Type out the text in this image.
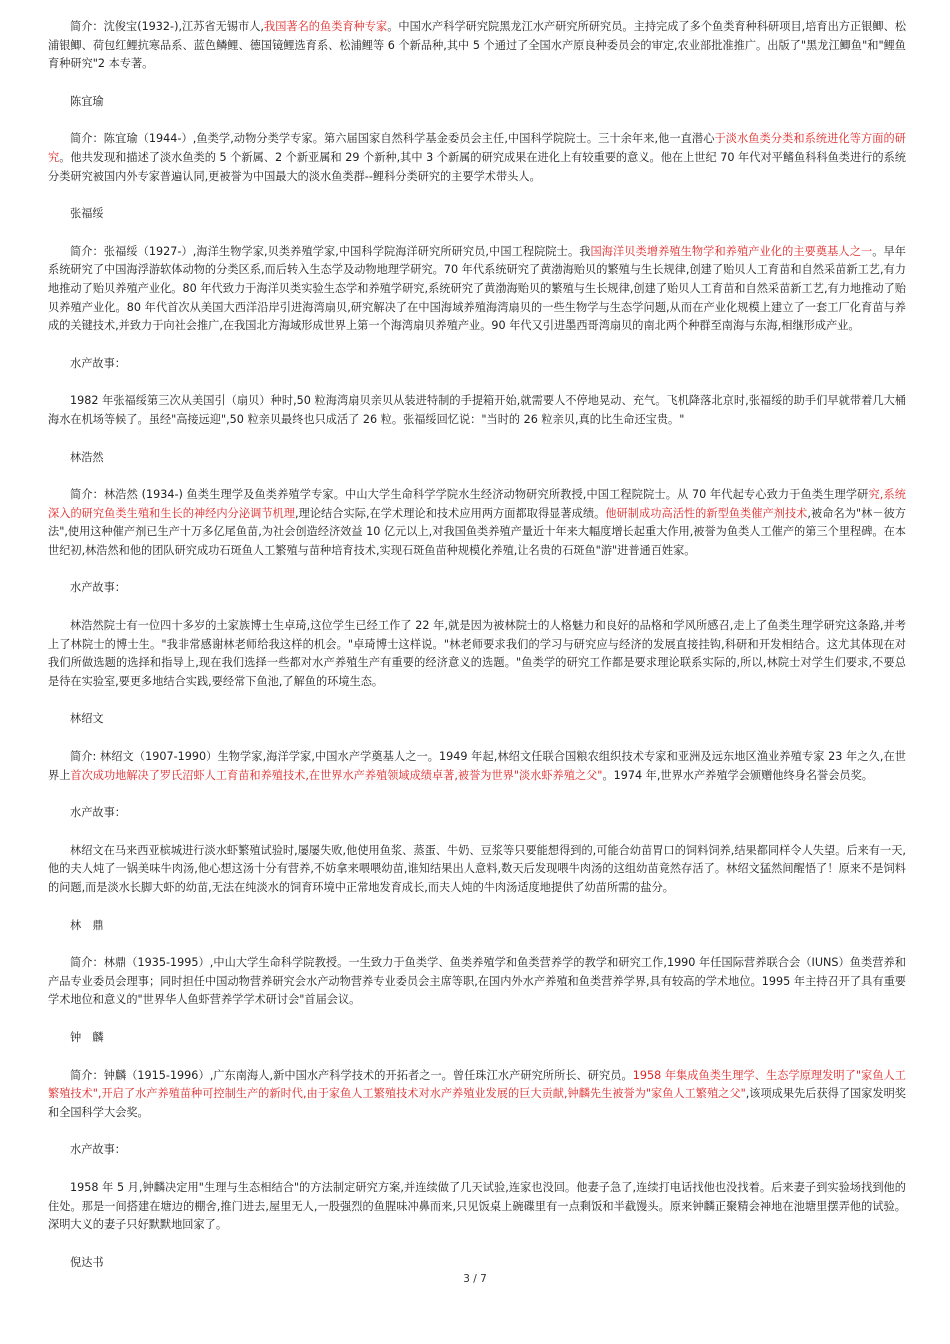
简介：沈俊宝(1932-),江苏省无锡市人,我国著名的鱼类育种专家。中国水产科学研究院黑龙江水产研究所研究员。主持完成了多个鱼类育种科研项目,培育出方正银鲫、松浦银鲫、荷包红鲤抗寒品系、蓝色鳞鲤、德国镜鲤选育系、松浦鲤等 6 个新品种,其中 5 个通过了全国水产原良种委员会的审定,农业部批准推广。出版了"黑龙江鲫鱼"和"鲤鱼育种研究"2 本专著。

陈宜瑜

简介：陈宜瑜（1944-）,鱼类学,动物分类学专家。第六届国家自然科学基金委员会主任,中国科学院院士。三十余年来,他一直潜心于淡水鱼类分类和系统进化等方面的研究。他共发现和描述了淡水鱼类的 5 个新属、2 个新亚属和 29 个新种,其中 3 个新属的研究成果在进化上有较重要的意义。他在上世纪 70 年代对平鳍鱼科科鱼类进行的系统分类研究被国内外专家普遍认同,更被誉为中国最大的淡水鱼类群--鲤科分类研究的主要学术带头人。

张福绥

简介：张福绥（1927-）,海洋生物学家,贝类养殖学家,中国科学院海洋研究所研究员,中国工程院院士。我国海洋贝类增养殖生物学和养殖产业化的主要奠基人之一。早年系统研究了中国海浮游软体动物的分类区系,而后转入生态学及动物地理学研究。70 年代系统研究了黄渤海贻贝的繁殖与生长规律,创建了贻贝人工育苗和自然采苗新工艺,有力地推动了贻贝养殖产业化。80 年代致力于海洋贝类实验生态学和养殖学研究,系统研究了黄渤海贻贝的繁殖与生长规律,创建了贻贝人工育苗和自然采苗新工艺,有力地推动了贻贝养殖产业化。80 年代首次从美国大西洋沿岸引进海湾扇贝,研究解决了在中国海域养殖海湾扇贝的一些生物学与生态学问题,从而在产业化规模上建立了一套工厂化育苗与养成的关键技术,并致力于向社会推广,在我国北方海域形成世界上第一个海湾扇贝养殖产业。90 年代又引进墨西哥湾扇贝的南北两个种群至南海与东海,相继形成产业。

水产故事：

1982 年张福绥第三次从美国引（扇贝）种时,50 粒海湾扇贝亲贝从装进特制的手提箱开始,就需要人不停地晃动、充气。飞机降落北京时,张福绥的助手们早就带着几大桶海水在机场等候了。虽经"高接远迎",50 粒亲贝最终也只成活了 26 粒。张福绥回忆说："当时的 26 粒亲贝,真的比生命还宝贵。"

林浩然

简介：林浩然 (1934-) 鱼类生理学及鱼类养殖学专家。中山大学生命科学学院水生经济动物研究所教授,中国工程院院士。从 70 年代起专心致力于鱼类生理学研究,系统深入的研究鱼类生殖和生长的神经内分泌调节机理,理论结合实际,在学术理论和技术应用两方面都取得显著成绩。他研制成功高活性的新型鱼类催产剂技术,被命名为"林－彼方法",使用这种催产剂已生产十万多亿尾鱼苗,为社会创造经济效益 10 亿元以上,对我国鱼类养殖产量近十年来大幅度增长起重大作用,被誉为鱼类人工催产的第三个里程碑。在本世纪初,林浩然和他的团队研究成功石斑鱼人工繁殖与苗种培育技术,实现石斑鱼苗种规模化养殖,让名贵的石斑鱼"游"进普通百姓家。

水产故事：

林浩然院士有一位四十多岁的土家族博士生卓琦,这位学生已经工作了 22 年,就是因为被林院士的人格魅力和良好的品格和学风所感召,走上了鱼类生理学研究这条路,并考上了林院士的博士生。"我非常感谢林老师给我这样的机会。"卓琦博士这样说。"林老师要求我们的学习与研究应与经济的发展直接挂钩,科研和开发相结合。这尤其体现在对我们所做选题的选择和指导上,现在我们选择一些都对水产养殖生产有重要的经济意义的选题。"鱼类学的研究工作都是要求理论联系实际的,所以,林院士对学生们要求,不要总是待在实验室,要更多地结合实践,要经常下鱼池,了解鱼的环境生态。

林绍文

简介: 林绍文（1907-1990）生物学家,海洋学家,中国水产学奠基人之一。1949 年起,林绍文任联合国粮农组织技术专家和亚洲及远东地区渔业养殖专家 23 年之久,在世界上首次成功地解决了罗氏沼虾人工育苗和养殖技术,在世界水产养殖领域成绩卓著,被誉为世界"淡水虾养殖之父"。1974 年,世界水产养殖学会颁赠他终身名誉会员奖。

水产故事：

林绍文在马来西亚槟城进行淡水虾繁殖试验时,屡屡失败,他使用鱼浆、蒸蛋、牛奶、豆浆等只要能想得到的,可能合幼苗胃口的饲料饲养,结果都同样令人失望。后来有一天,他的夫人炖了一锅美味牛肉汤,他心想这汤十分有营养,不妨拿来喂喂幼苗,谁知结果出人意料,数天后发现喂牛肉汤的这组幼苗竟然存活了。林绍文猛然间醒悟了！原来不是饲料的问题,而是淡水长脚大虾的幼苗,无法在纯淡水的饲育环境中正常地发育成长,而夫人炖的牛肉汤适度地提供了幼苗所需的盐分。

林　鼎

简介：林鼎（1935-1995）,中山大学生命科学院教授。一生致力于鱼类学、鱼类养殖学和鱼类营养学的教学和研究工作,1990 年任国际营养联合会（IUNS）鱼类营养和产品专业委员会理事；同时担任中国动物营养研究会水产动物营养专业委员会主席等职,在国内外水产养殖和鱼类营养学界,具有较高的学术地位。1995 年主持召开了具有重要学术地位和意义的"世界华人鱼虾营养学学术研讨会"首届会议。

钟　麟

简介：钟麟（1915-1996）,广东南海人,新中国水产科学技术的开拓者之一。曾任珠江水产研究所所长、研究员。1958 年集成鱼类生理学、生态学原理发明了"家鱼人工繁殖技术",开启了水产养殖苗种可控制生产的新时代,由于家鱼人工繁殖技术对水产养殖业发展的巨大贡献,钟麟先生被誉为"家鱼人工繁殖之父",该项成果先后获得了国家发明奖和全国科学大会奖。

水产故事：

1958 年 5 月,钟麟决定用"生理与生态相结合"的方法制定研究方案,并连续做了几天试验,连家也没回。他妻子急了,连续打电话找他也没找着。后来妻子到实验场找到他的住处。那是一间搭建在塘边的棚舍,推门进去,屋里无人,一股强烈的鱼腥味冲鼻而来,只见饭桌上碗碟里有一点剩饭和半截馒头。原来钟麟正聚精会神地在池塘里摆弄他的试验。深明大义的妻子只好默默地回家了。

倪达书

3 / 7
